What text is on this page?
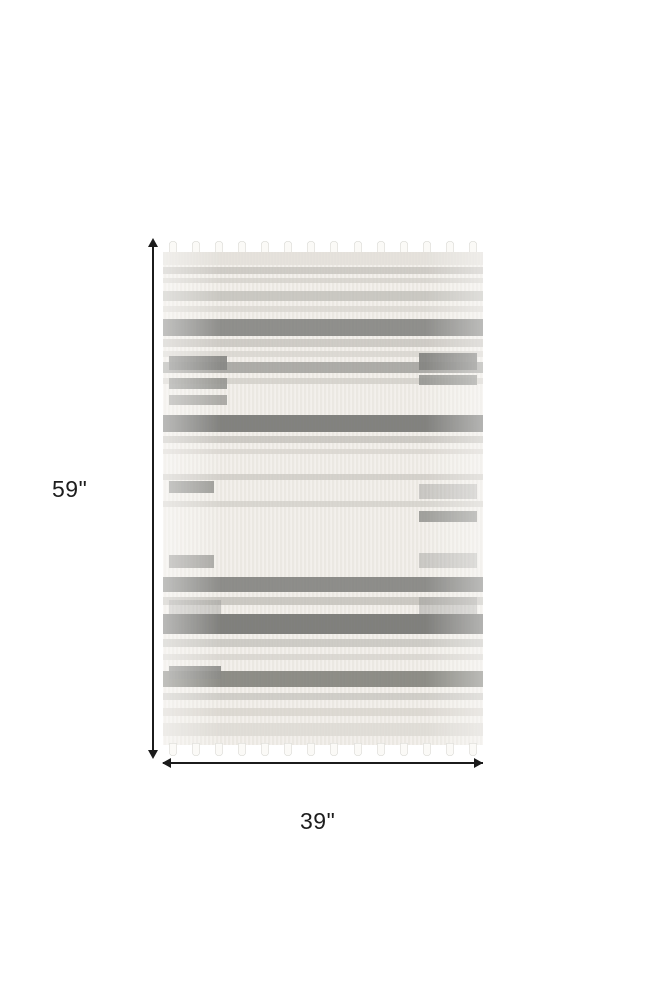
59"
39"
